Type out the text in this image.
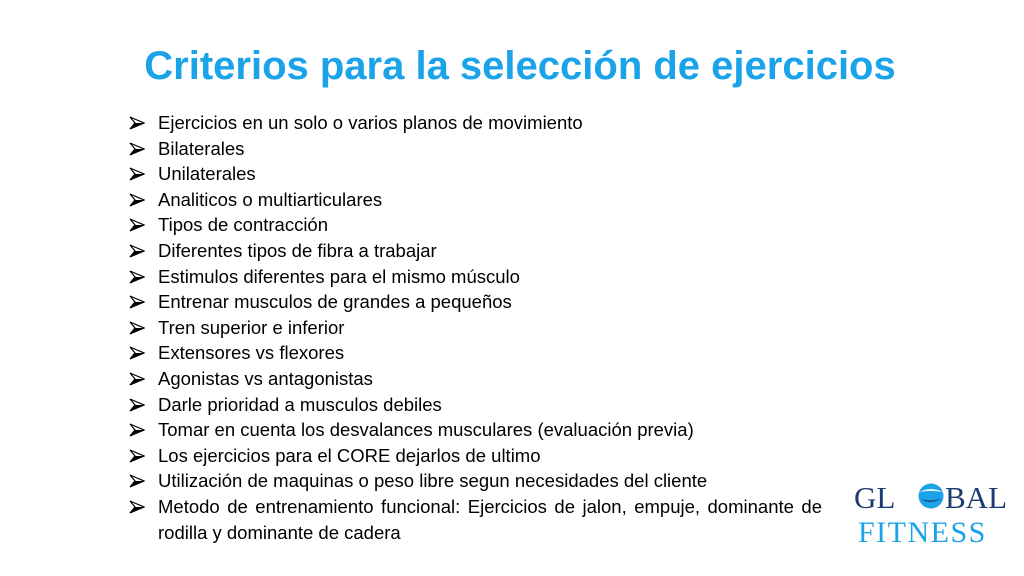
Criterios para la selección de ejercicios
Ejercicios en un solo o varios planos de movimiento
Bilaterales
Unilaterales
Analiticos o multiarticulares
Tipos de contracción
Diferentes tipos de fibra a trabajar
Estimulos diferentes para el mismo músculo
Entrenar musculos de grandes a pequeños
Tren superior e inferior
Extensores vs flexores
Agonistas vs antagonistas
Darle prioridad a musculos debiles
Tomar en cuenta los desvalances musculares (evaluación previa)
Los ejercicios para el CORE dejarlos de ultimo
Utilización de maquinas o peso libre segun necesidades del cliente
Metodo de entrenamiento funcional: Ejercicios de jalon, empuje, dominante de rodilla y dominante de cadera
GL BAL
FITNESS
